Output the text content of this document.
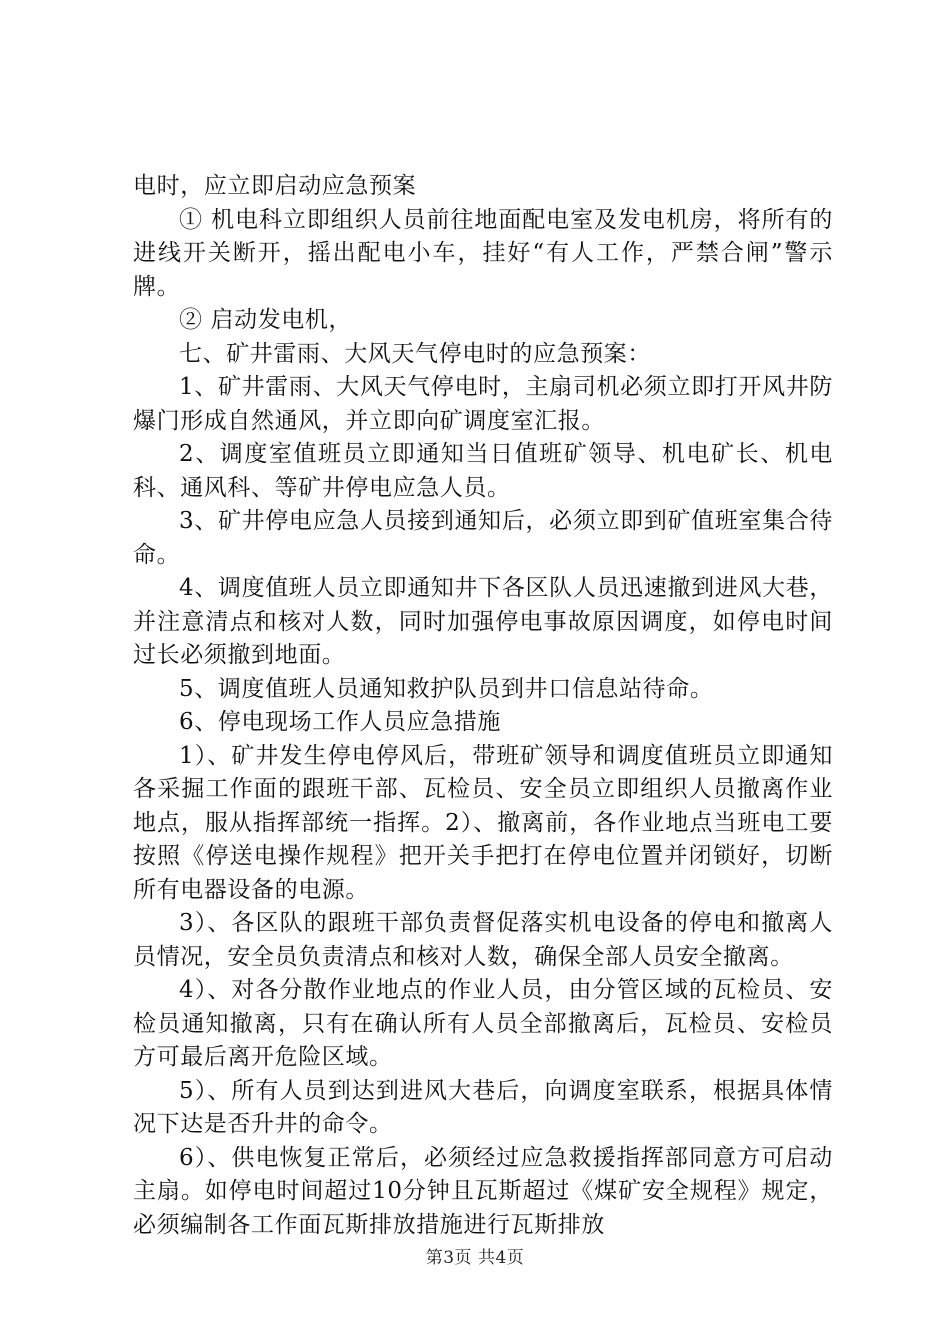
电时，应立即启动应急预案

① 机电科立即组织人员前往地面配电室及发电机房，将所有的进线开关断开，摇出配电小车，挂好“有人工作，严禁合闸”警示牌。

② 启动发电机，

七、矿井雷雨、大风天气停电时的应急预案：

1、矿井雷雨、大风天气停电时，主扇司机必须立即打开风井防爆门形成自然通风，并立即向矿调度室汇报。

2、调度室值班员立即通知当日值班矿领导、机电矿长、机电科、通风科、等矿井停电应急人员。

3、矿井停电应急人员接到通知后，必须立即到矿值班室集合待命。

4、调度值班人员立即通知井下各区队人员迅速撤到进风大巷，并注意清点和核对人数，同时加强停电事故原因调度，如停电时间过长必须撤到地面。

5、调度值班人员通知救护队员到井口信息站待命。

6、停电现场工作人员应急措施

1）、矿井发生停电停风后，带班矿领导和调度值班员立即通知各采掘工作面的跟班干部、瓦检员、安全员立即组织人员撤离作业地点，服从指挥部统一指挥。2）、撤离前，各作业地点当班电工要按照《停送电操作规程》把开关手把打在停电位置并闭锁好，切断所有电器设备的电源。

3）、各区队的跟班干部负责督促落实机电设备的停电和撤离人员情况，安全员负责清点和核对人数，确保全部人员安全撤离。

4）、对各分散作业地点的作业人员，由分管区域的瓦检员、安检员通知撤离，只有在确认所有人员全部撤离后，瓦检员、安检员方可最后离开危险区域。

5）、所有人员到达到进风大巷后，向调度室联系，根据具体情况下达是否升井的命令。

6）、供电恢复正常后，必须经过应急救援指挥部同意方可启动主扇。如停电时间超过10分钟且瓦斯超过《煤矿安全规程》规定，必须编制各工作面瓦斯排放措施进行瓦斯排放

第3页 共4页
